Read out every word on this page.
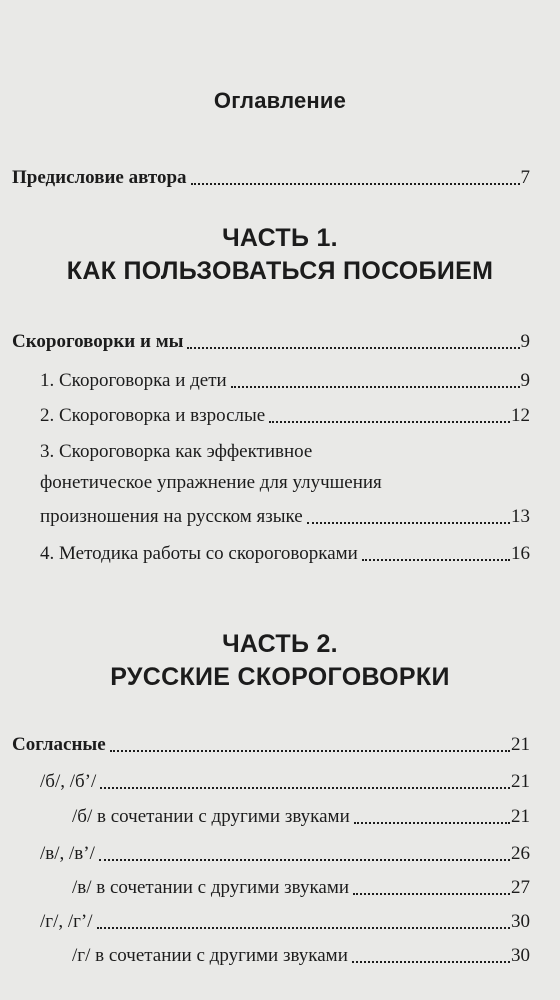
Оглавление
Предисловие автора	7
ЧАСТЬ 1.
КАК ПОЛЬЗОВАТЬСЯ ПОСОБИЕМ
Скороговорки и мы	9
1. Скороговорка и дети	9
2. Скороговорка и взрослые	12
3. Скороговорка как эффективное
фонетическое упражнение для улучшения
произношения на русском языке	13
4. Методика работы со скороговорками	16
ЧАСТЬ 2.
РУССКИЕ СКОРОГОВОРКИ
Согласные	21
/б/, /б’/	21
/б/ в сочетании с другими звуками	21
/в/, /в’/	26
/в/ в сочетании с другими звуками	27
/г/, /г’/	30
/г/ в сочетании с другими звуками	30
